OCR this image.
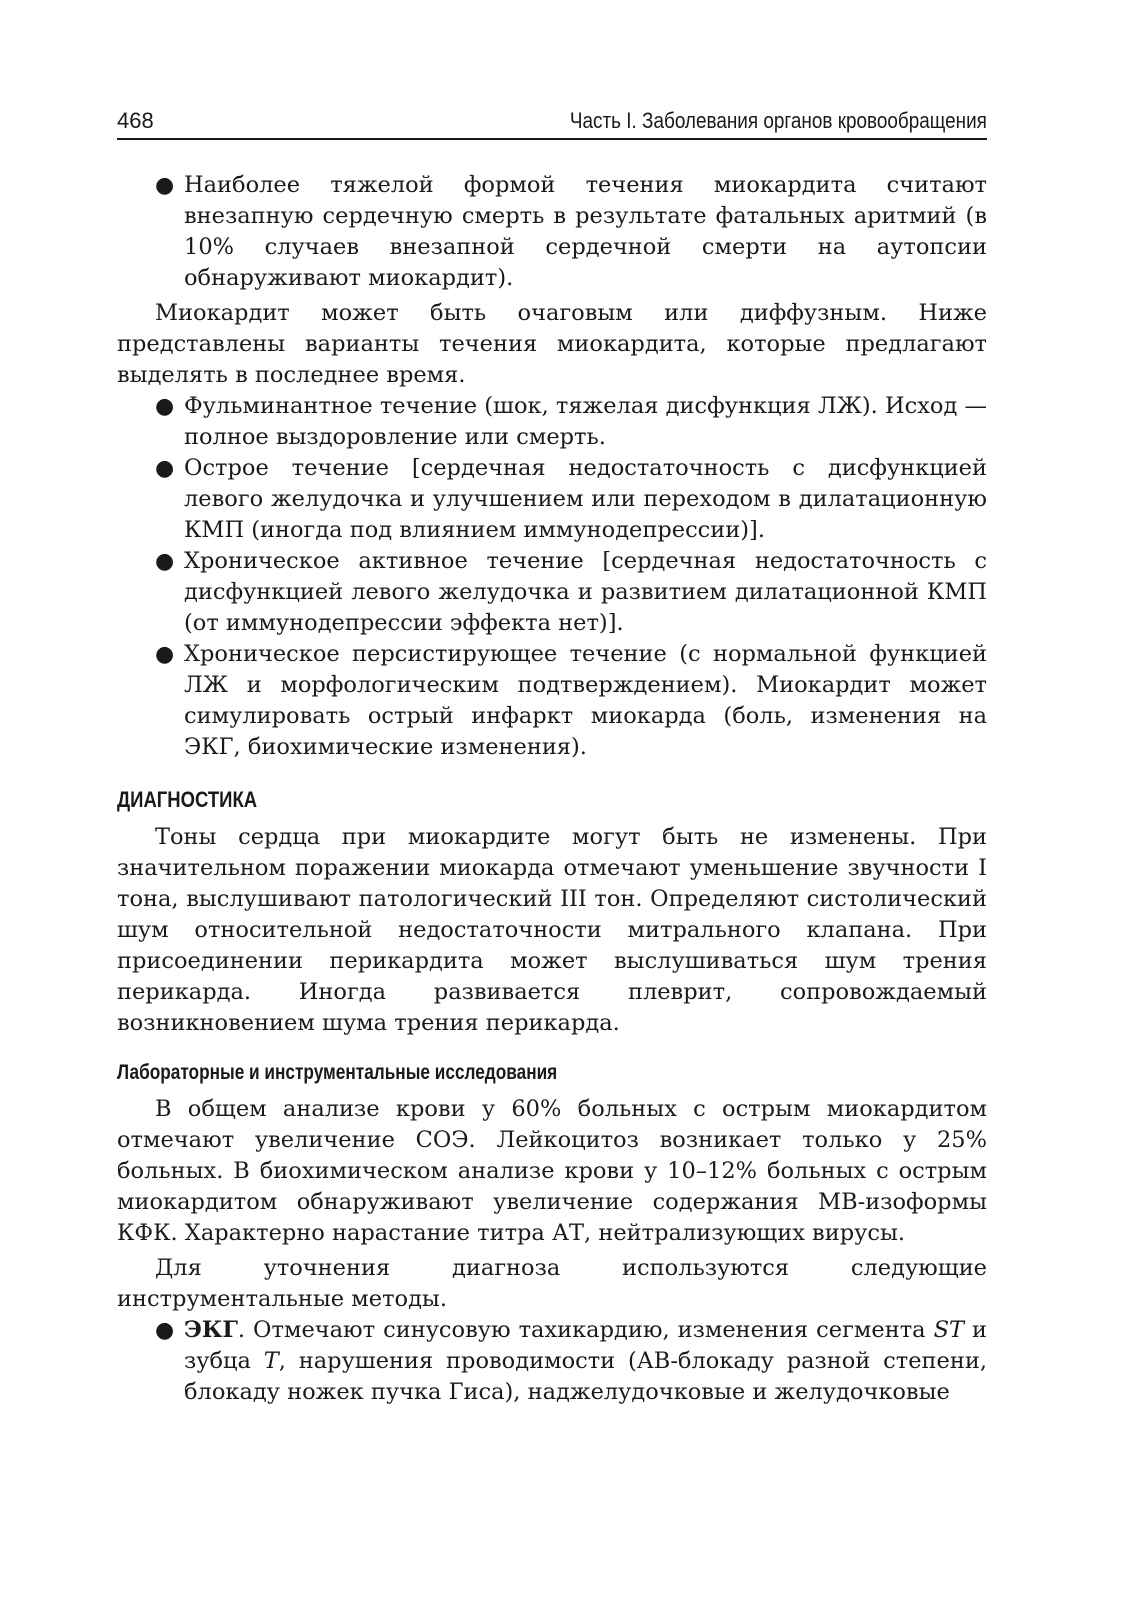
468	Часть I. Заболевания органов кровообращения
● Наиболее тяжелой формой течения миокардита считают внезапную сердечную смерть в результате фатальных аритмий (в 10% случаев внезапной сердечной смерти на аутопсии обнаруживают миокардит).

Миокардит может быть очаговым или диффузным. Ниже представлены варианты течения миокардита, которые предлагают выделять в последнее время.

● Фульминантное течение (шок, тяжелая дисфункция ЛЖ). Исход — полное выздоровление или смерть.
● Острое течение [сердечная недостаточность с дисфункцией левого желудочка и улучшением или переходом в дилатационную КМП (иногда под влиянием иммунодепрессии)].
● Хроническое активное течение [сердечная недостаточность с дисфункцией левого желудочка и развитием дилатационной КМП (от иммунодепрессии эффекта нет)].
● Хроническое персистирующее течение (с нормальной функцией ЛЖ и морфологическим подтверждением). Миокардит может симулировать острый инфаркт миокарда (боль, изменения на ЭКГ, биохимические изменения).
ДИАГНОСТИКА

Тоны сердца при миокардите могут быть не изменены. При значительном поражении миокарда отмечают уменьшение звучности I тона, выслушивают патологический III тон. Определяют систолический шум относительной недостаточности митрального клапана. При присоединении перикардита может выслушиваться шум трения перикарда. Иногда развивается плеврит, сопровождаемый возникновением шума трения перикарда.

Лабораторные и инструментальные исследования

В общем анализе крови у 60% больных с острым миокардитом отмечают увеличение СОЭ. Лейкоцитоз возникает только у 25% больных. В биохимическом анализе крови у 10–12% больных с острым миокардитом обнаруживают увеличение содержания МВ-изоформы КФК. Характерно нарастание титра АТ, нейтрализующих вирусы.

Для уточнения диагноза используются следующие инструментальные методы.

● ЭКГ. Отмечают синусовую тахикардию, изменения сегмента ST и зубца T, нарушения проводимости (АВ-блокаду разной степени, блокаду ножек пучка Гиса), наджелудочковые и желудочковые
